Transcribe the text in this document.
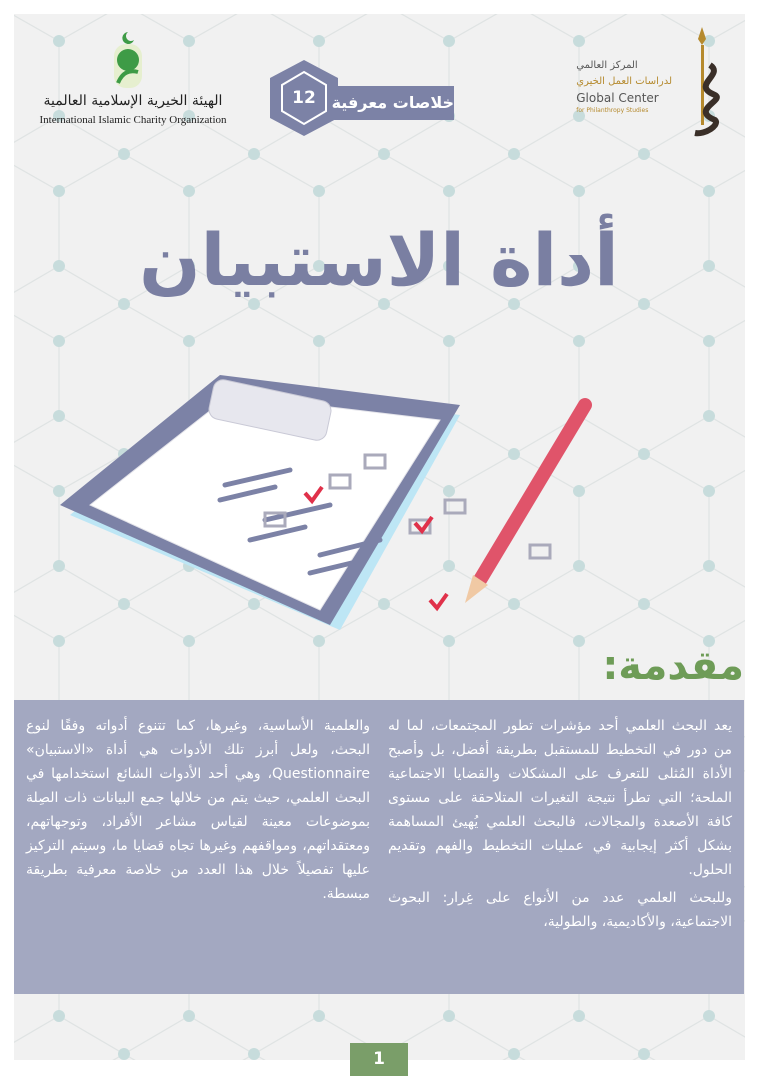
المركز العالمي
لدراسات العمل الخيري
Global Center
for Philanthropy Studies
الهيئة الخيرية الإسلامية العالمية
International Islamic Charity Organization
12 خلاصات معرفية
أداة الاستبيان
مقدمة:

يعد البحث العلمي أحد مؤشرات تطور المجتمعات، لما له من دور في التخطيط للمستقبل بطريقة أفضل، بل وأصبح الأداة المُثلى للتعرف على المشكلات والقضايا الاجتماعية الملحة؛ التي تطرأ نتيجة التغيرات المتلاحقة على مستوى كافة الأصعدة والمجالات، فالبحث العلمي يُهيئ المساهمة بشكل أكثر إيجابية في عمليات التخطيط والفهم وتقديم الحلول.

وللبحث العلمي عدد من الأنواع على غِرار: البحوث الاجتماعية، والأكاديمية، والطولية،

والعلمية الأساسية، وغيرها، كما تتنوع أدواته وفقًا لنوع البحث، ولعل أبرز تلك الأدوات هي أداة «الاستبيان» Questionnaire، وهي أحد الأدوات الشائع استخدامها في البحث العلمي، حيث يتم من خلالها جمع البيانات ذات الصِلة بموضوعات معينة لقياس مشاعر الأفراد، وتوجهاتهم، ومعتقداتهم، ومواقفهم وغيرها تجاه قضايا ما، وسيتم التركيز عليها تفصيلاً خلال هذا العدد من خلاصة معرفية بطريقة مبسطة.

1
